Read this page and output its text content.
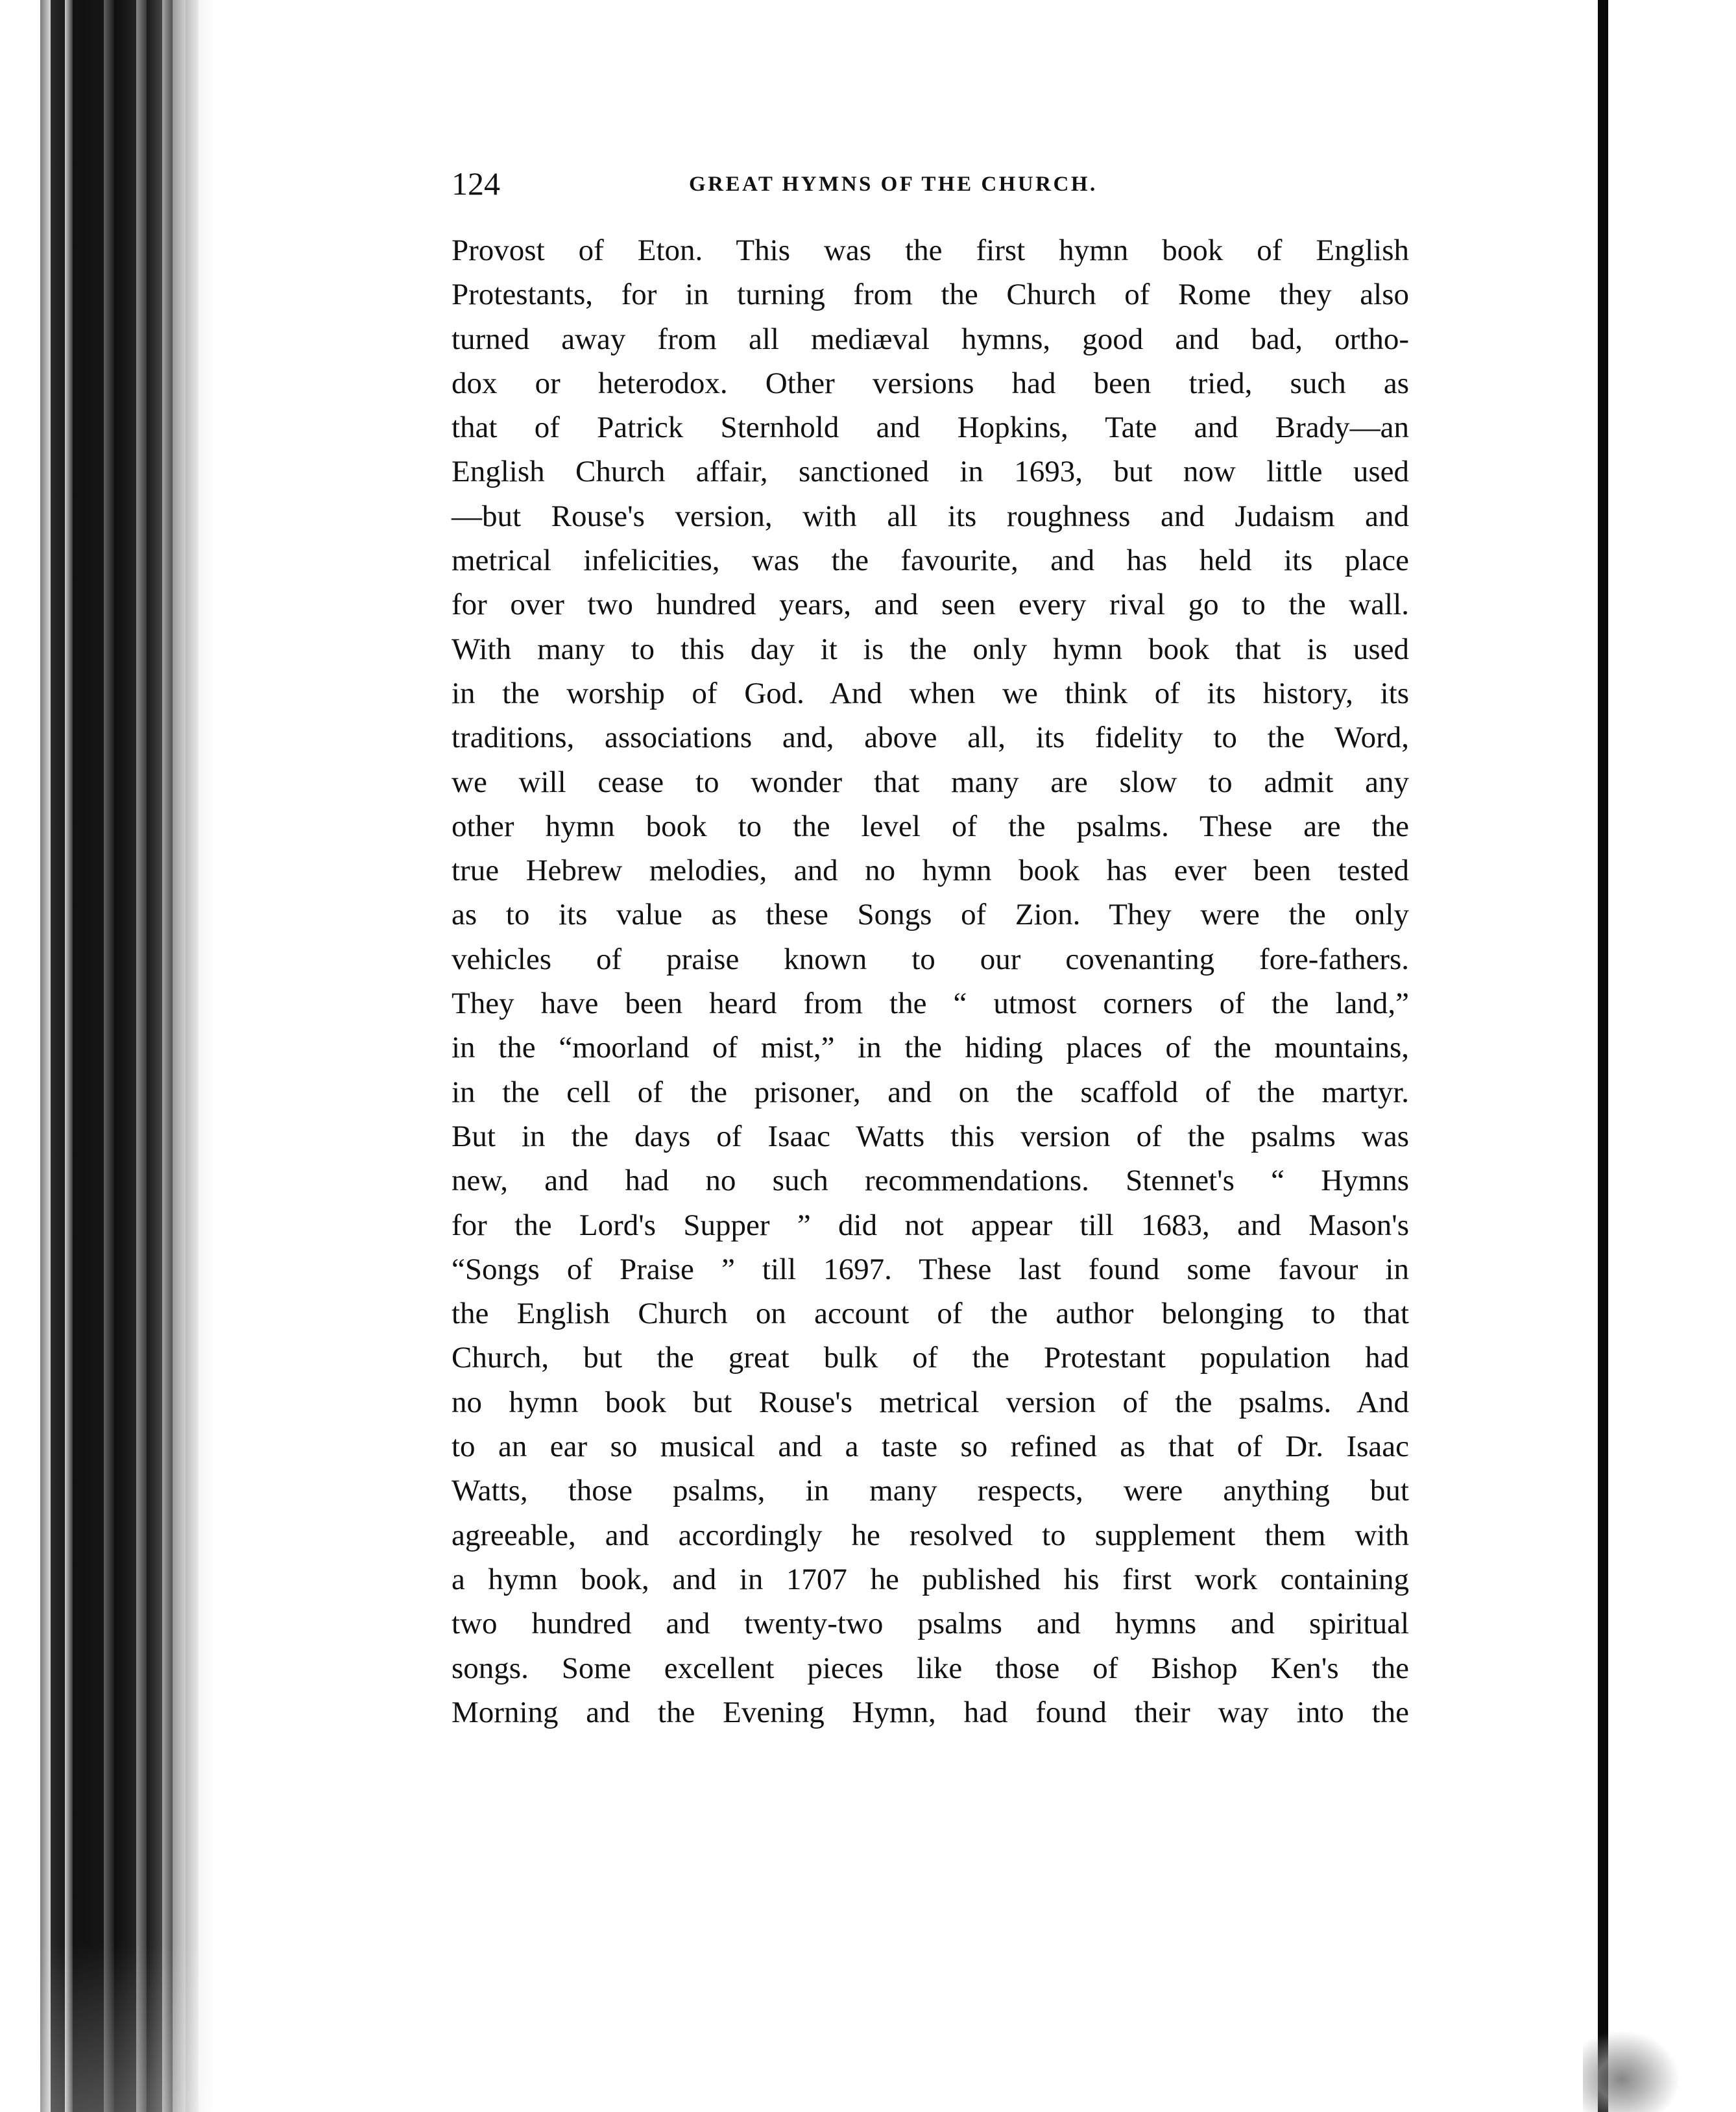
124	GREAT HYMNS OF THE CHURCH.
Provost of Eton. This was the first hymn book of English
Protestants, for in turning from the Church of Rome they also
turned away from all mediæval hymns, good and bad, ortho-
dox or heterodox. Other versions had been tried, such as
that of Patrick Sternhold and Hopkins, Tate and Brady—an
English Church affair, sanctioned in 1693, but now little used
—but Rouse's version, with all its roughness and Judaism and
metrical infelicities, was the favourite, and has held its place
for over two hundred years, and seen every rival go to the wall.
With many to this day it is the only hymn book that is used
in the worship of God. And when we think of its history, its
traditions, associations and, above all, its fidelity to the Word,
we will cease to wonder that many are slow to admit any
other hymn book to the level of the psalms. These are the
true Hebrew melodies, and no hymn book has ever been tested
as to its value as these Songs of Zion. They were the only
vehicles of praise known to our covenanting fore-fathers.
They have been heard from the “ utmost corners of the land,”
in the “moorland of mist,” in the hiding places of the mountains,
in the cell of the prisoner, and on the scaffold of the martyr.
But in the days of Isaac Watts this version of the psalms was
new, and had no such recommendations. Stennet's “ Hymns
for the Lord's Supper ” did not appear till 1683, and Mason's
“Songs of Praise ” till 1697. These last found some favour in
the English Church on account of the author belonging to that
Church, but the great bulk of the Protestant population had
no hymn book but Rouse's metrical version of the psalms. And
to an ear so musical and a taste so refined as that of Dr. Isaac
Watts, those psalms, in many respects, were anything but
agreeable, and accordingly he resolved to supplement them with
a hymn book, and in 1707 he published his first work containing
two hundred and twenty-two psalms and hymns and spiritual
songs. Some excellent pieces like those of Bishop Ken's the
Morning and the Evening Hymn, had found their way into the
